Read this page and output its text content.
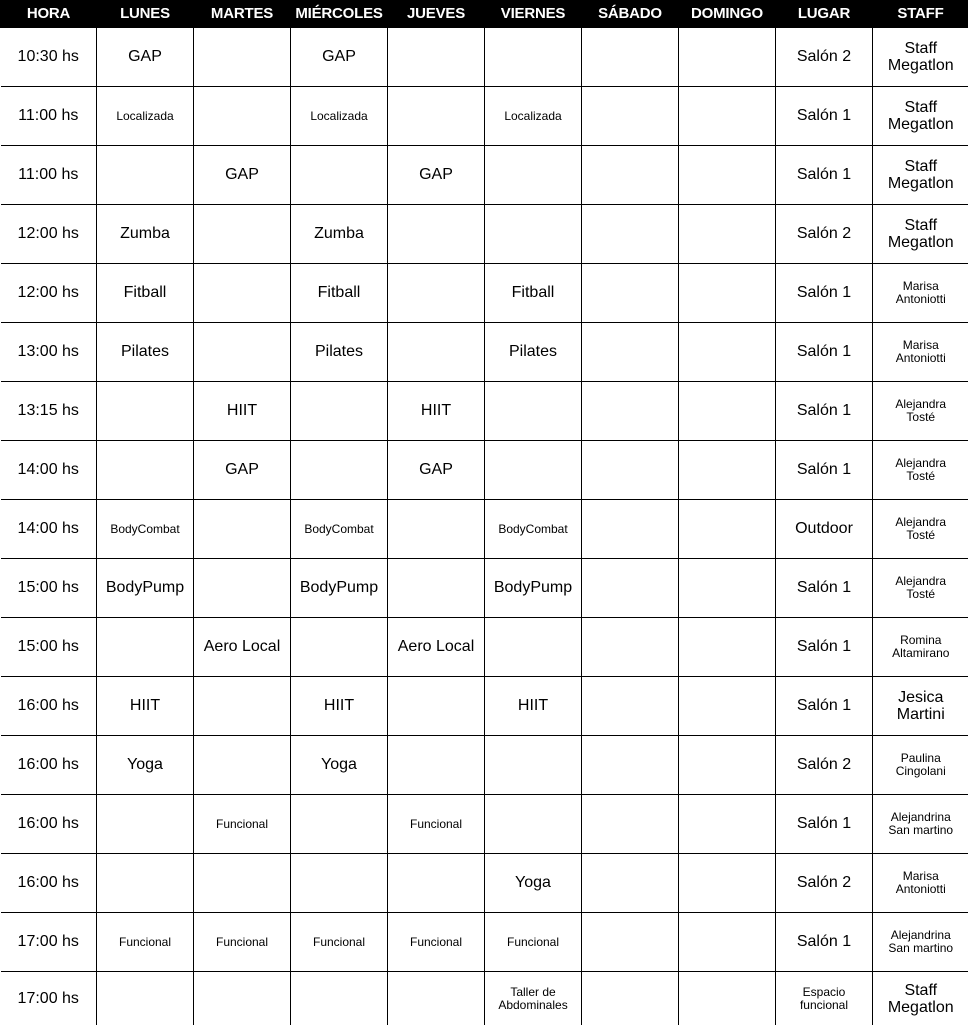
HORA	LUNES	MARTES	MIÉRCOLES	JUEVES	VIERNES	SÁBADO	DOMINGO	LUGAR	STAFF
10:30 hs	GAP		GAP					Salón 2	Staff
Megatlon
11:00 hs	Localizada		Localizada		Localizada			Salón 1	Staff
Megatlon
11:00 hs		GAP		GAP				Salón 1	Staff
Megatlon
12:00 hs	Zumba		Zumba					Salón 2	Staff
Megatlon
12:00 hs	Fitball		Fitball		Fitball			Salón 1	Marisa
Antoniotti
13:00 hs	Pilates		Pilates		Pilates			Salón 1	Marisa
Antoniotti
13:15 hs		HIIT		HIIT				Salón 1	Alejandra
Tosté
14:00 hs		GAP		GAP				Salón 1	Alejandra
Tosté
14:00 hs	BodyCombat		BodyCombat		BodyCombat			Outdoor	Alejandra
Tosté
15:00 hs	BodyPump		BodyPump		BodyPump			Salón 1	Alejandra
Tosté
15:00 hs		Aero Local		Aero Local				Salón 1	Romina
Altamirano
16:00 hs	HIIT		HIIT		HIIT			Salón 1	Jesica
Martini
16:00 hs	Yoga		Yoga					Salón 2	Paulina
Cingolani
16:00 hs		Funcional		Funcional				Salón 1	Alejandrina
San martino
16:00 hs					Yoga			Salón 2	Marisa
Antoniotti
17:00 hs	Funcional	Funcional	Funcional	Funcional	Funcional			Salón 1	Alejandrina
San martino
17:00 hs					Taller de
Abdominales			Espacio
funcional	Staff
Megatlon
